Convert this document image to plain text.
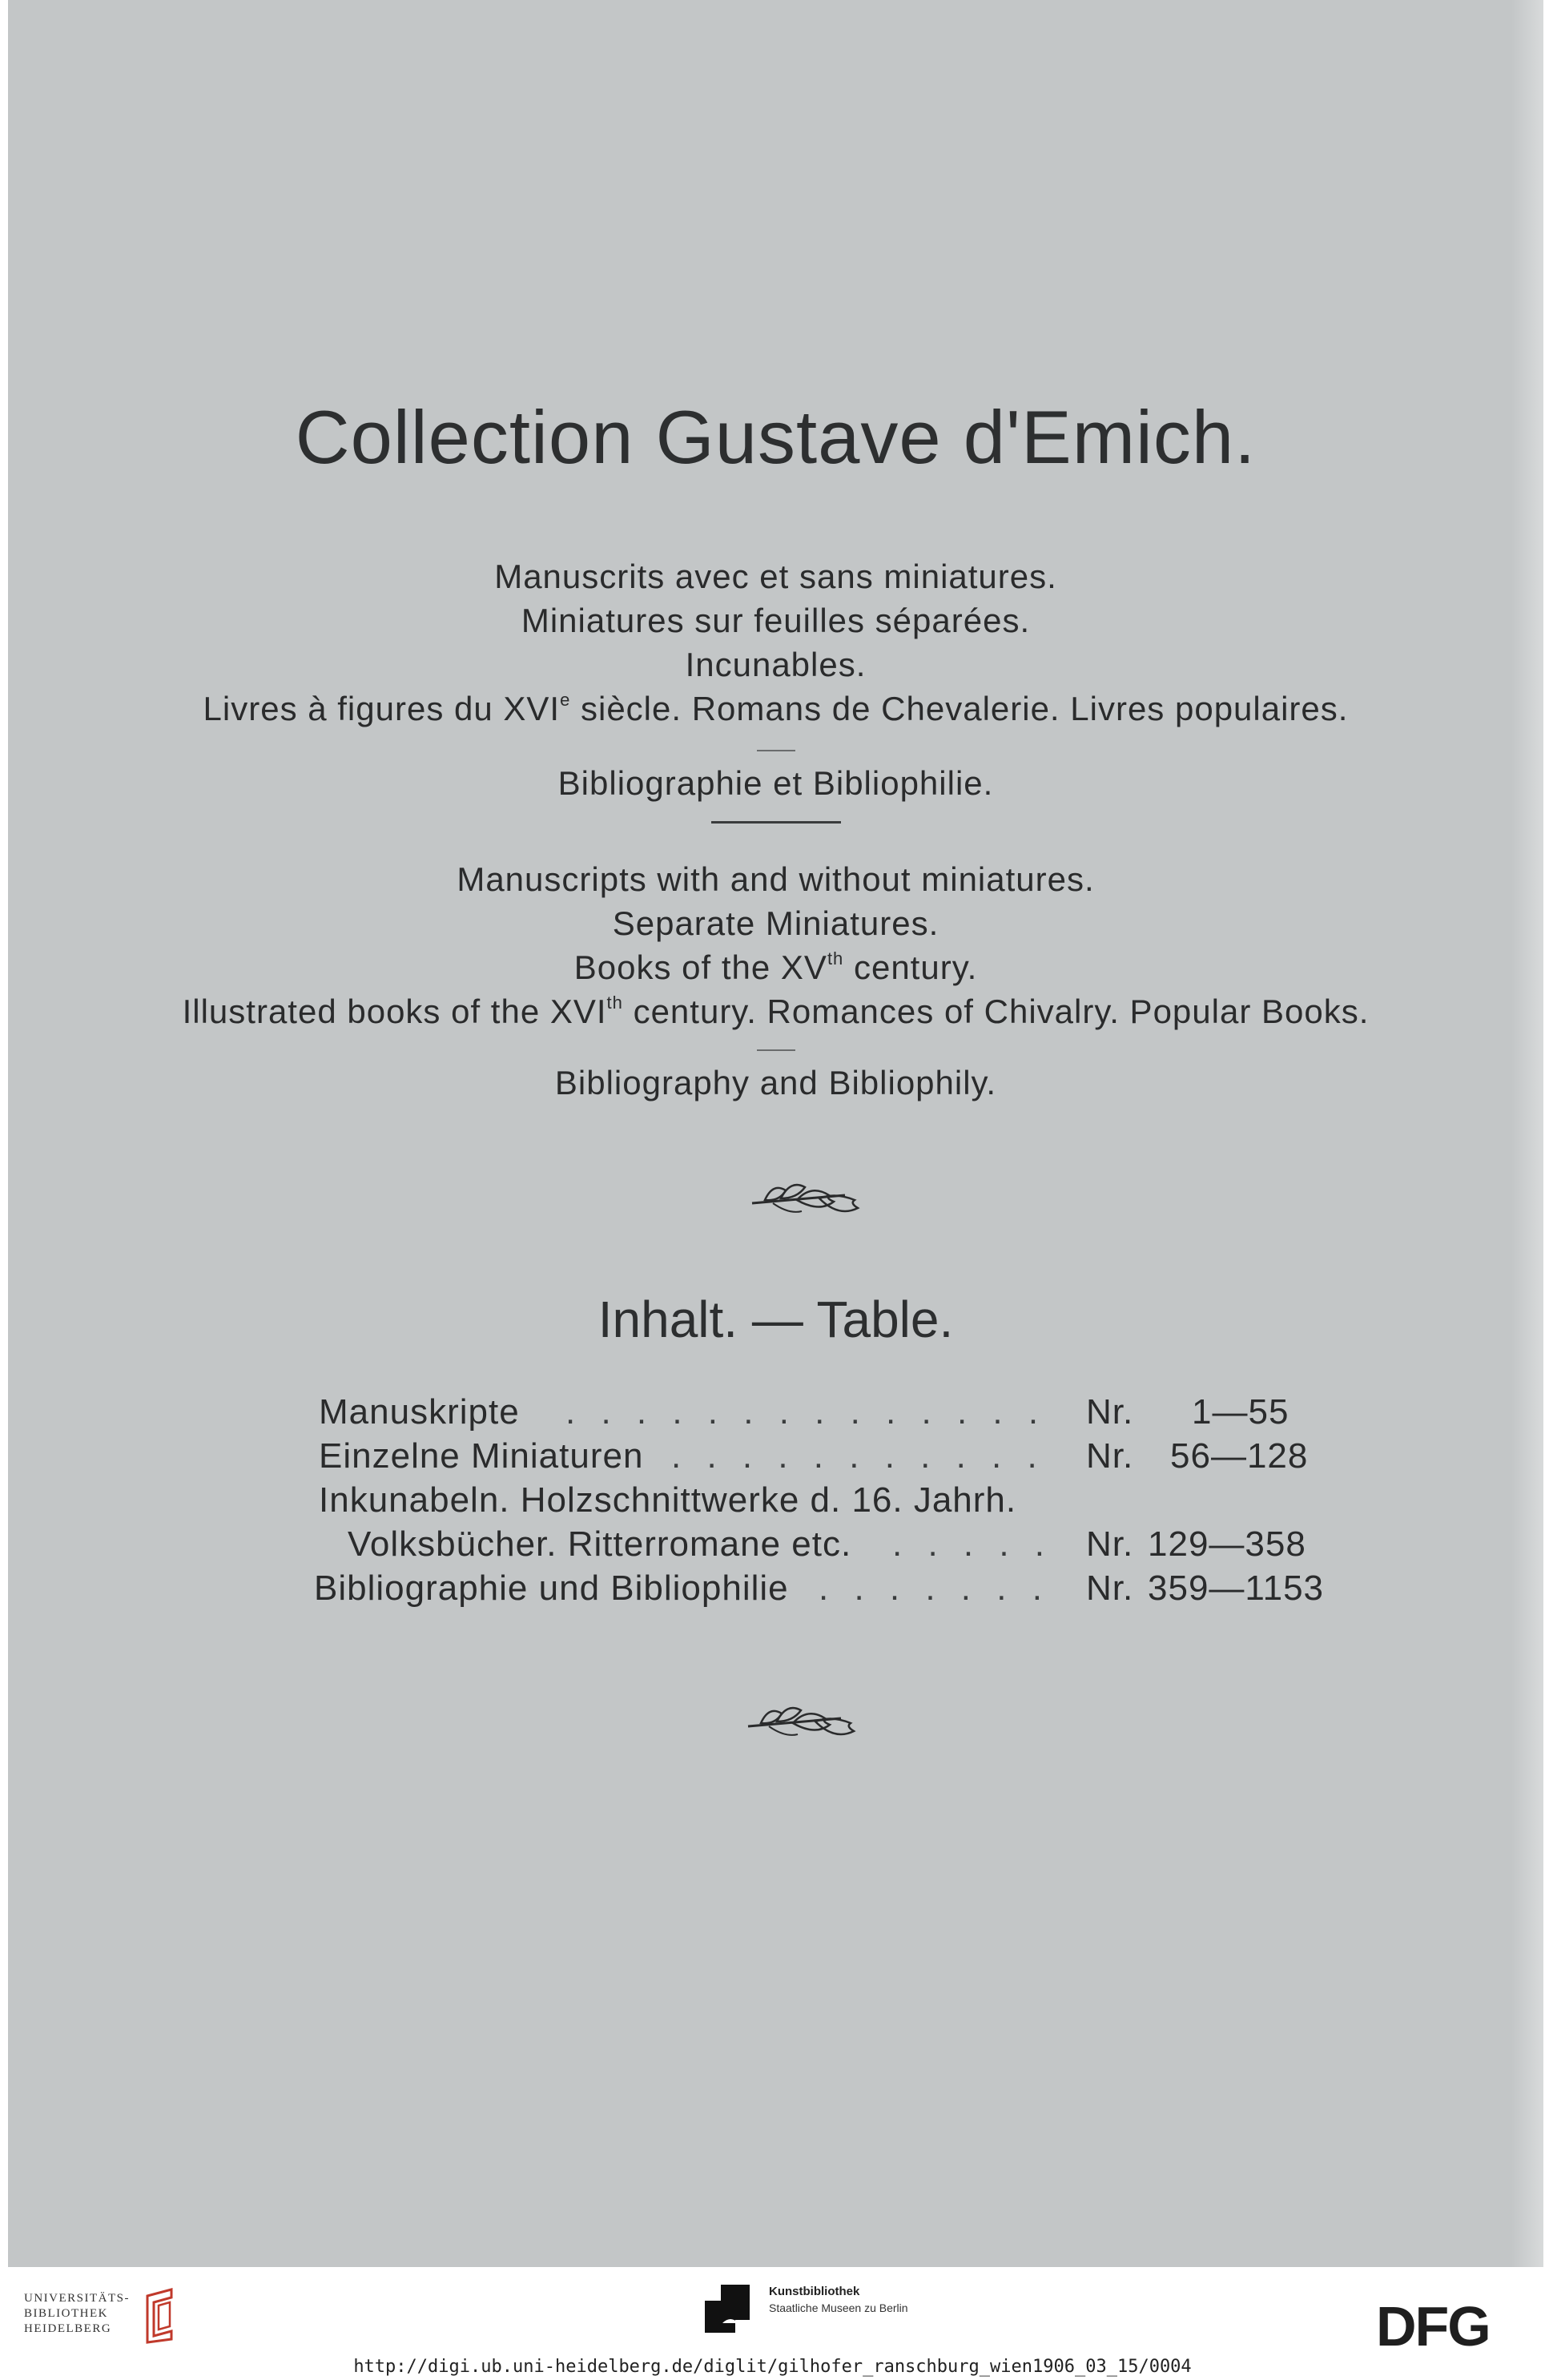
Collection Gustave d'Emich.
Manuscrits avec et sans miniatures.
Miniatures sur feuilles séparées.
Incunables.
Livres à figures du XVIe siècle. Romans de Chevalerie. Livres populaires.
Bibliographie et Bibliophilie.
Manuscripts with and without miniatures.
Separate Miniatures.
Books of the XVth century.
Illustrated books of the XVIth century. Romances of Chivalry. Popular Books.
Bibliography and Bibliophily.
Inhalt. — Table.
Manuskripte . . . . . . . . . . . . . . Nr. 1—55
Einzelne Miniaturen . . . . . . . . . . . Nr. 56—128
Inkunabeln. Holzschnittwerke d. 16. Jahrh.
Volksbücher. Ritterromane etc. . . . . . Nr. 129—358
Bibliographie und Bibliophilie . . . . . . . Nr. 359—1153
UNIVERSITÄTS-
BIBLIOTHEK
HEIDELBERG
Kunstbibliothek
Staatliche Museen zu Berlin	DFG
http://digi.ub.uni-heidelberg.de/diglit/gilhofer_ranschburg_wien1906_03_15/0004
